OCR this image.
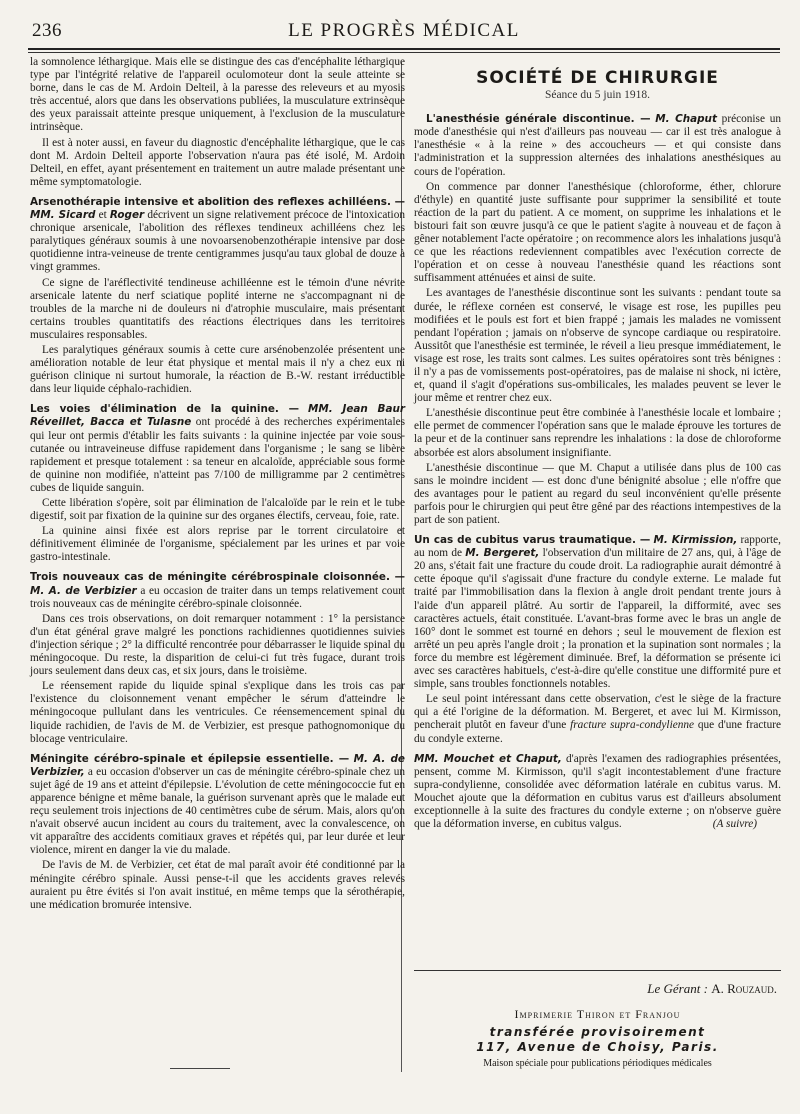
236	LE PROGRÈS MÉDICAL

la somnolence léthargique. Mais elle se distingue des cas d'encéphalite léthargique type par l'intégrité relative de l'appareil oculomoteur dont la seule atteinte se borne, dans le cas de M. Ardoin Delteil, à la paresse des releveurs et au myosis très accentué, alors que dans les observations publiées, la musculature extrinsèque des yeux paraissait atteinte presque uniquement, à l'exclusion de la musculature intrinsèque.

Il est à noter aussi, en faveur du diagnostic d'encéphalite léthargique, que le cas dont M. Ardoin Delteil apporte l'observation n'aura pas été isolé, M. Ardoin Delteil, en effet, ayant présentement en traitement un autre malade présentant une même symptomatologie.

Arsenothérapie intensive et abolition des reflexes achilléens. — MM. Sicard et Roger décrivent un signe relativement précoce de l'intoxication chronique arsenicale, l'abolition des réflexes tendineux achilléens chez les paralytiques généraux soumis à une novoarsenobenzothérapie intensive par dose quotidienne intra-veineuse de trente centigrammes jusqu'au taux global de douze à vingt grammes.

Ce signe de l'aréflectivité tendineuse achilléenne est le témoin d'une névrite arsenicale latente du nerf sciatique poplité interne ne s'accompagnant ni de troubles de la marche ni de douleurs ni d'atrophie musculaire, mais présentant certains troubles quantitatifs des réactions électriques dans les territoires musculaires responsables.

Les paralytiques généraux soumis à cette cure arsénobenzolée présentent une amélioration notable de leur état physique et mental mais il n'y a chez eux ni guérison clinique ni surtout humorale, la réaction de B.-W. restant irréductible dans leur liquide céphalo-rachidien.

Les voies d'élimination de la quinine. — MM. Jean Baur Réveillet, Bacca et Tulasne ont procédé à des recherches expérimentales qui leur ont permis d'établir les faits suivants : la quinine injectée par voie sous-cutanée ou intraveineuse diffuse rapidement dans l'organisme ; le sang se libère rapidement et presque totalement : sa teneur en alcaloïde, appréciable sous forme de quinine non modifiée, n'atteint pas 7/100 de milligramme par 2 centimètres cubes de liquide sanguin.

Cette libération s'opère, soit par élimination de l'alcaloïde par le rein et le tube digestif, soit par fixation de la quinine sur des organes électifs, cerveau, foie, rate.

La quinine ainsi fixée est alors reprise par le torrent circulatoire et définitivement éliminée de l'organisme, spécialement par les urines et par voie gastro-intestinale.

Trois nouveaux cas de méningite cérébrospinale cloisonnée. — M. A. de Verbizier a eu occasion de traiter dans un temps relativement court trois nouveaux cas de méningite cérébro-spinale cloisonnée.

Dans ces trois observations, on doit remarquer notamment : 1° la persistance d'un état général grave malgré les ponctions rachidiennes quotidiennes suivies d'injection sérique ; 2° la difficulté rencontrée pour débarrasser le liquide spinal du méningocoque. Du reste, la disparition de celui-ci fut très fugace, durant trois jours seulement dans deux cas, et six jours, dans le troisième.

Le réensement rapide du liquide spinal s'explique dans les trois cas par l'existence du cloisonnement venant empêcher le sérum d'atteindre le méningocoque pullulant dans les ventricules. Ce réensemencement spinal du liquide rachidien, de l'avis de M. de Verbizier, est presque pathognomonique du blocage ventriculaire.

Méningite cérébro-spinale et épilepsie essentielle. — M. A. de Verbizier, a eu occasion d'observer un cas de méningite cérébro-spinale chez un sujet âgé de 19 ans et atteint d'épilepsie. L'évolution de cette méningococcie fut en apparence bénigne et même banale, la guérison survenant après que le malade eut reçu seulement trois injections de 40 centimètres cube de sérum. Mais, alors qu'on n'avait observé aucun incident au cours du traitement, avec la convalescence, on vit apparaître des accidents comitiaux graves et répétés qui, par leur durée et leur violence, mirent en danger la vie du malade.

De l'avis de M. de Verbizier, cet état de mal paraît avoir été conditionné par la méningite cérébro spinale. Aussi pense-t-il que les accidents graves relevés auraient pu être évités si l'on avait institué, en même temps que la sérothérapie, une médication bromurée intensive.

SOCIÉTÉ DE CHIRURGIE
Séance du 5 juin 1918.

L'anesthésie générale discontinue. — M. Chaput préconise un mode d'anesthésie qui n'est d'ailleurs pas nouveau — car il est très analogue à l'anesthésie « à la reine » des accoucheurs — et qui consiste dans l'administration et la suppression alternées des inhalations anesthésiques au cours de l'opération.

On commence par donner l'anesthésique (chloroforme, éther, chlorure d'éthyle) en quantité juste suffisante pour supprimer la sensibilité et toute réaction de la part du patient. A ce moment, on supprime les inhalations et le bistouri fait son œuvre jusqu'à ce que le patient s'agite à nouveau et de façon à gêner notablement l'acte opératoire ; on recommence alors les inhalations jusqu'à ce que les réactions redeviennent compatibles avec l'exécution correcte de l'opération et on cesse à nouveau l'anesthésie quand les réactions sont suffisamment atténuées et ainsi de suite.

Les avantages de l'anesthésie discontinue sont les suivants : pendant toute sa durée, le réflexe cornéen est conservé, le visage est rose, les pupilles peu modifiées et le pouls est fort et bien frappé ; jamais les malades ne vomissent pendant l'opération ; jamais on n'observe de syncope cardiaque ou respiratoire. Aussitôt que l'anesthésie est terminée, le réveil a lieu presque immédiatement, le visage est rose, les traits sont calmes. Les suites opératoires sont très bénignes : il n'y a pas de vomissements post-opératoires, pas de malaise ni shock, ni ictère, et, quand il s'agit d'opérations sus-ombilicales, les malades peuvent se lever le jour même et rentrer chez eux.

L'anesthésie discontinue peut être combinée à l'anesthésie locale et lombaire ; elle permet de commencer l'opération sans que le malade éprouve les tortures de la peur et de la continuer sans reprendre les inhalations : la dose de chloroforme absorbée est alors absolument insignifiante.

L'anesthésie discontinue — que M. Chaput a utilisée dans plus de 100 cas sans le moindre incident — est donc d'une bénignité absolue ; elle n'offre que des avantages pour le patient au regard du seul inconvénient qu'elle présente parfois pour le chirurgien qui peut être gêné par des réactions intempestives de la part de son patient.

Un cas de cubitus varus traumatique. — M. Kirmission, rapporte, au nom de M. Bergeret, l'observation d'un militaire de 27 ans, qui, à l'âge de 20 ans, s'était fait une fracture du coude droit. La radiographie aurait démontré à cette époque qu'il s'agissait d'une fracture du condyle externe. Le malade fut traité par l'immobilisation dans la flexion à angle droit pendant trente jours à l'aide d'un appareil plâtré. Au sortir de l'appareil, la difformité, avec ses caractères actuels, était constituée. L'avant-bras forme avec le bras un angle de 160° dont le sommet est tourné en dehors ; seul le mouvement de flexion est arrêté un peu après l'angle droit ; la pronation et la supination sont normales ; la force du membre est légèrement diminuée. Bref, la déformation se présente ici avec ses caractères habituels, c'est-à-dire qu'elle constitue une difformité pure et simple, sans troubles fonctionnels notables.

Le seul point intéressant dans cette observation, c'est le siège de la fracture qui a été l'origine de la déformation. M. Bergeret, et avec lui M. Kirmisson, pencherait plutôt en faveur d'une fracture supra-condylienne que d'une fracture du condyle externe.

MM. Mouchet et Chaput, d'après l'examen des radiographies présentées, pensent, comme M. Kirmisson, qu'il s'agit incontestablement d'une fracture supra-condylienne, consolidée avec déformation latérale en cubitus varus. M. Mouchet ajoute que la déformation en cubitus varus est d'ailleurs absolument exceptionnelle à la suite des fractures du condyle externe ; on n'observe guère que la déformation inverse, en cubitus valgus.	(A suivre)

Le Gérant : A. Rouzaud.
Imprimerie Thiron et Franjou
transférée provisoirement
117, Avenue de Choisy, Paris.
Maison spéciale pour publications périodiques médicales
